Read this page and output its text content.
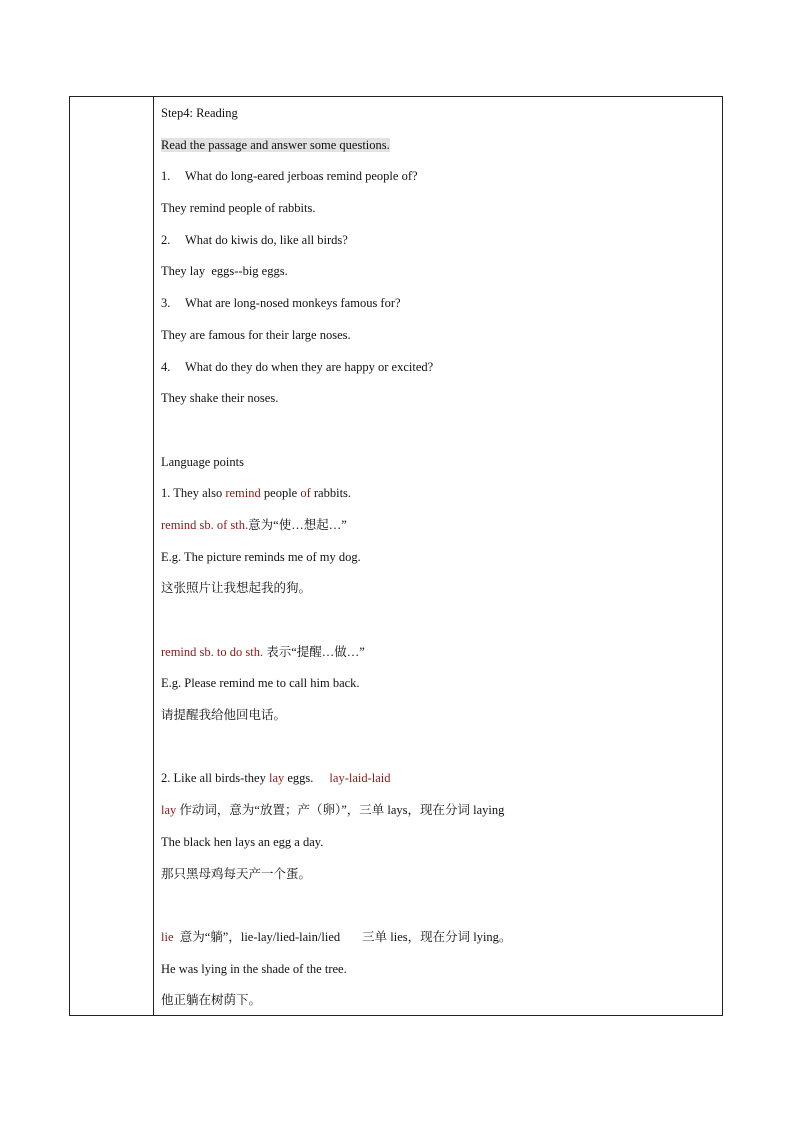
Step4: Reading
Read the passage and answer some questions.
1. What do long-eared jerboas remind people of?
They remind people of rabbits.
2. What do kiwis do, like all birds?
They lay  eggs--big eggs.
3. What are long-nosed monkeys famous for?
They are famous for their large noses.
4. What do they do when they are happy or excited?
They shake their noses.
Language points
1. They also remind people of rabbits.
remind sb. of sth.意为“使…想起…”
E.g. The picture reminds me of my dog.
这张照片让我想起我的狗。
remind sb. to do sth. 表示“提醒…做…”
E.g. Please remind me to call him back.
请提醒我给他回电话。
2. Like all birds-they lay eggs. lay-laid-laid
lay 作动词，意为“放置；产（卵）”，三单 lays，现在分词 laying
The black hen lays an egg a day.
那只黑母鸡每天产一个蛋。
lie  意为“躺”，lie-lay/lied-lain/lied 三单 lies，现在分词 lying。
He was lying in the shade of the tree.
他正躺在树荫下。
